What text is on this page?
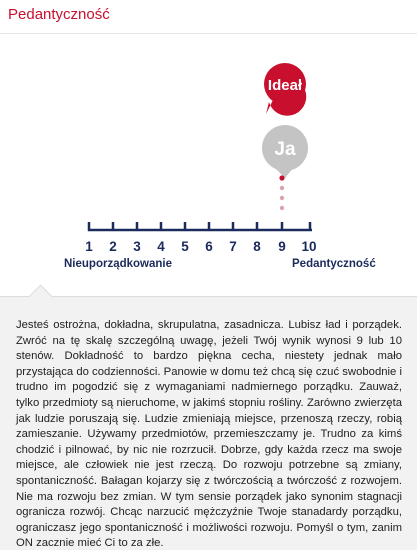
Pedantyczność
Ideał
Ja
1 2 3 4 5 6 7 8 9 10
Nieuporządkowanie	Pedantyczność

Jesteś ostrożna, dokładna, skrupulatna, zasadnicza. Lubisz ład i porządek. Zwróć na tę skalę szczególną uwagę, jeżeli Twój wynik wynosi 9 lub 10 stenów. Dokładność to bardzo piękna cecha, niestety jednak mało przystająca do codzienności. Panowie w domu też chcą się czuć swobodnie i trudno im pogodzić się z wymaganiami nadmiernego porządku. Zauważ, tylko przedmioty są nieruchome, w jakimś stopniu rośliny. Zarówno zwierzęta jak ludzie poruszają się. Ludzie zmieniają miejsce, przenoszą rzeczy, robią zamieszanie. Używamy przedmiotów, przemieszczamy je. Trudno za kimś chodzić i pilnować, by nic nie rozrzucił. Dobrze, gdy każda rzecz ma swoje miejsce, ale człowiek nie jest rzeczą. Do rozwoju potrzebne są zmiany, spontaniczność. Bałagan kojarzy się z twórczością a twórczość z rozwojem. Nie ma rozwoju bez zmian. W tym sensie porządek jako synonim stagnacji ogranicza rozwój. Chcąc narzucić mężczyźnie Twoje stanadardy porządku, ograniczasz jego spontaniczność i możliwości rozwoju. Pomyśl o tym, zanim ON zacznie mieć Ci to za złe.
